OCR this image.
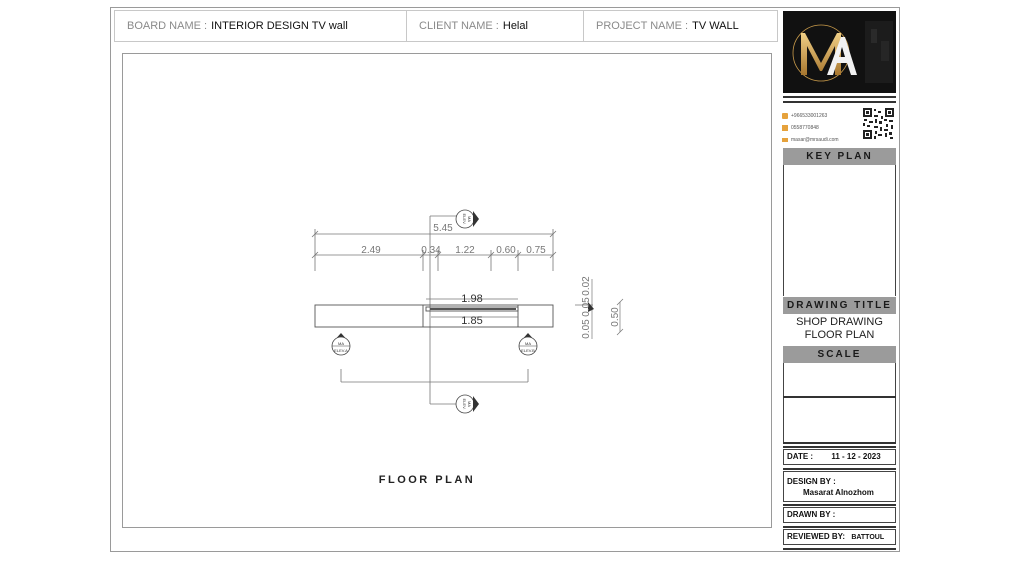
BOARD NAME : INTERIOR DESIGN TV wall	CLIENT NAME : Helal	PROJECT NAME : TV WALL
5.45
2.49	0.34 1.22 0.60 0.75
1.98
1.85	0.50
0.05
0.05
0.02
ELEV. MA
ELEV. MA
MA
ELEV.A
MA
ELEV.B
FLOOR PLAN
+966533001263
0558770848
masar@mrsaudi.com
KEY PLAN
DRAWING TITLE
SHOP DRAWING
FLOOR PLAN
SCALE
DATE : 11 - 12 - 2023
DESIGN BY :
Masarat Alnozhom
DRAWN BY :
REVIEWED BY: BATTOUL
